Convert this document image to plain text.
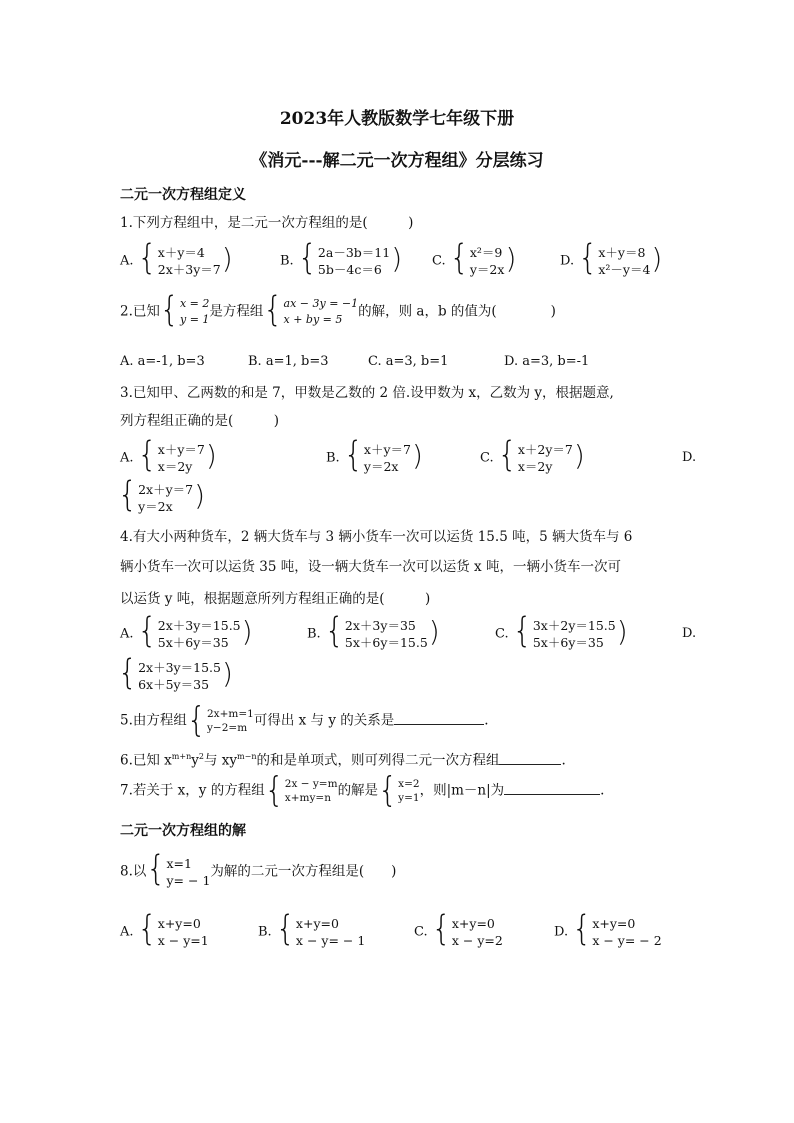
2023年人教版数学七年级下册
《消元---解二元一次方程组》分层练习
二元一次方程组定义
1.下列方程组中，是二元一次方程组的是(　　　)
A. { x＋y＝4
2x＋3y＝7 )	B. { 2a－3b＝11
5b－4c＝6 ) C. { x²＝9
y＝2x )	D. { x＋y＝8
x²－y＝4 )
2.已知 { x = 2
y = 1 是方程组 { ax − 3y = −1
x + by = 5	的解，则 a，b 的值为(　　　　)
A. a=-1, b=3	B. a=1, b=3	C. a=3, b=1	D. a=3, b=-1
3.已知甲、乙两数的和是 7，甲数是乙数的 2 倍.设甲数为 x，乙数为 y，根据题意,
列方程组正确的是(　　　)
A. { x＋y＝7
x＝2y )	B. { x＋y＝7
y＝2x )	C. { x＋2y＝7
x＝2y )	D.
{ 2x＋y＝7
y＝2x )
4.有大小两种货车，2 辆大货车与 3 辆小货车一次可以运货 15.5 吨，5 辆大货车与 6
辆小货车一次可以运货 35 吨，设一辆大货车一次可以运货 x 吨，一辆小货车一次可
以运货 y 吨，根据题意所列方程组正确的是(　　　)
A. { 2x＋3y＝15.5
5x＋6y＝35 )	B. { 2x＋3y＝35
5x＋6y＝15.5 )	C. { 3x＋2y＝15.5
5x＋6y＝35 )	D.
{ 2x＋3y＝15.5
6x＋5y＝35 )
5.由方程组 { 2x+m=1
y−2=m 可得出 x 与 y 的关系是	.
6.已知 $x^{m+n}y^2$与 $xy^{m-n}$的和是单项式，则可列得二元一次方程组	.
7.若关于 x，y 的方程组 { 2x − y=m
x+my=n 的解是 { x=2
y=1 ，则|m－n|为	.
二元一次方程组的解
8.以 { x=1
y= − 1
为解的二元一次方程组是(　　)
A. { x+y=0
x − y=1
B. { x+y=0
x − y= − 1
C. { x+y=0
x − y=2
D. { x+y=0
x − y= − 2
